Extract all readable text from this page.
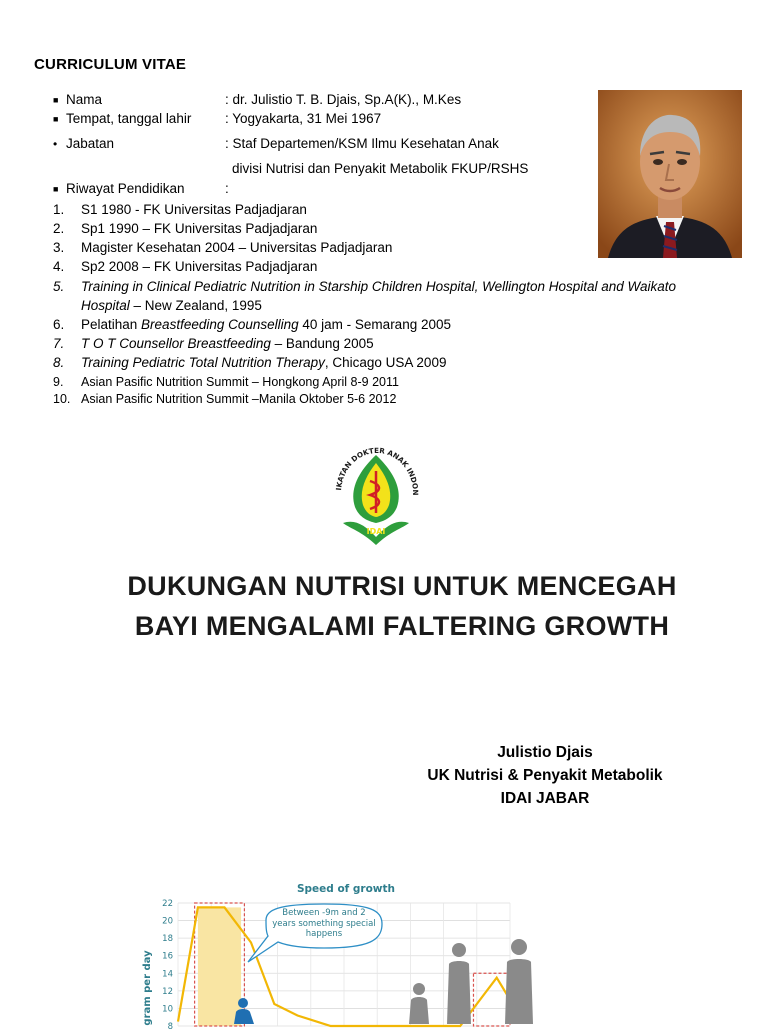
CURRICULUM VITAE
■ Nama	: dr. Julistio T. B. Djais, Sp.A(K)., M.Kes
■ Tempat, tanggal lahir : Yogyakarta, 31 Mei 1967
• Jabatan	: Staf Departemen/KSM Ilmu Kesehatan Anak
divisi Nutrisi dan Penyakit Metabolik FKUP/RSHS
■ Riwayat Pendidikan	:
1.	S1 1980 - FK Universitas Padjadjaran
2.	Sp1 1990 – FK Universitas Padjadjaran
3.	Magister Kesehatan 2004 – Universitas Padjadjaran
4.	Sp2 2008 – FK Universitas Padjadjaran
5.	Training in Clinical Pediatric Nutrition in Starship Children Hospital, Wellington Hospital and Waikato
Hospital – New Zealand, 1995
6.	Pelatihan Breastfeeding Counselling 40 jam - Semarang 2005
7.	T O T Counsellor Breastfeeding – Bandung 2005
8.	Training Pediatric Total Nutrition Therapy, Chicago USA 2009
9.	Asian Pasific Nutrition Summit – Hongkong April 8-9 2011
10. Asian Pasific Nutrition Summit –Manila Oktober 5-6 2012
IKATAN DOKTER ANAK INDON
IDAI
DUKUNGAN NUTRISI UNTUK MENCEGAH
BAYI MENGALAMI FALTERING GROWTH
Julistio Djais
UK Nutrisi & Penyakit Metabolik
IDAI JABAR
Speed of growth
gram per day
8
10
12
14
16
18
20
22
Between -9m and 2 years something special happens
